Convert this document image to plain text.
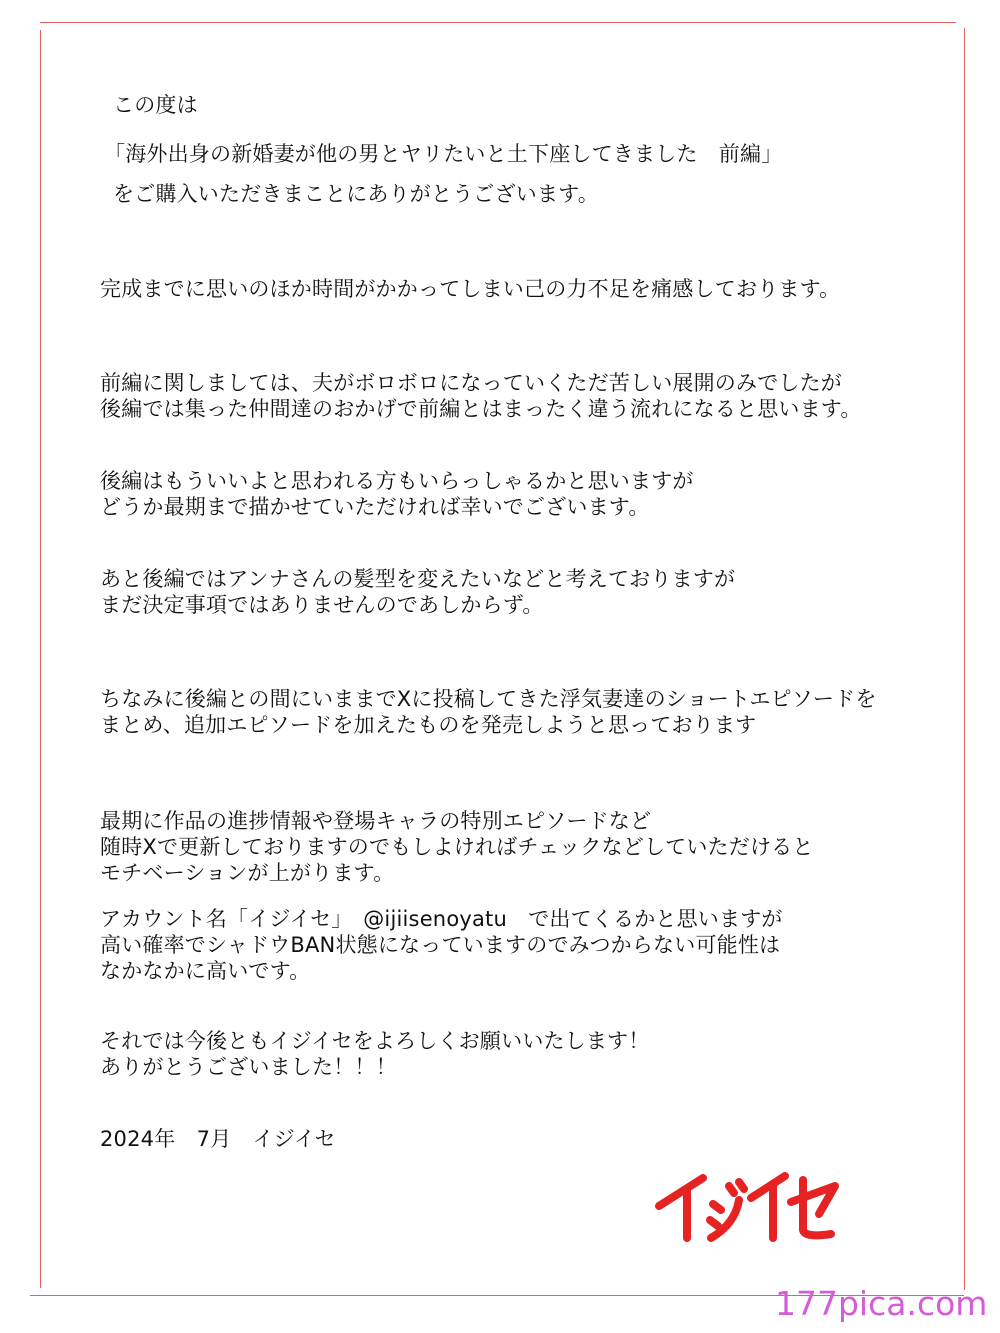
この度は
「海外出身の新婚妻が他の男とヤリたいと土下座してきました　前編」
をご購入いただきまことにありがとうございます。
完成までに思いのほか時間がかかってしまい己の力不足を痛感しております。
前編に関しましては、夫がボロボロになっていくただ苦しい展開のみでしたが
後編では集った仲間達のおかげで前編とはまったく違う流れになると思います。
後編はもういいよと思われる方もいらっしゃるかと思いますが
どうか最期まで描かせていただければ幸いでございます。
あと後編ではアンナさんの髪型を変えたいなどと考えておりますが
まだ決定事項ではありませんのであしからず。
ちなみに後編との間にいままでXに投稿してきた浮気妻達のショートエピソードを
まとめ、追加エピソードを加えたものを発売しようと思っております
最期に作品の進捗情報や登場キャラの特別エピソードなど
随時Xで更新しておりますのでもしよければチェックなどしていただけると
モチベーションが上がります。
アカウント名「イジイセ」　@ijiisenoyatu　で出てくるかと思いますが
高い確率でシャドウBAN状態になっていますのでみつからない可能性は
なかなかに高いです。
それでは今後ともイジイセをよろしくお願いいたします！
ありがとうございました！！！
2024年　7月　イジイセ
177pica.com
